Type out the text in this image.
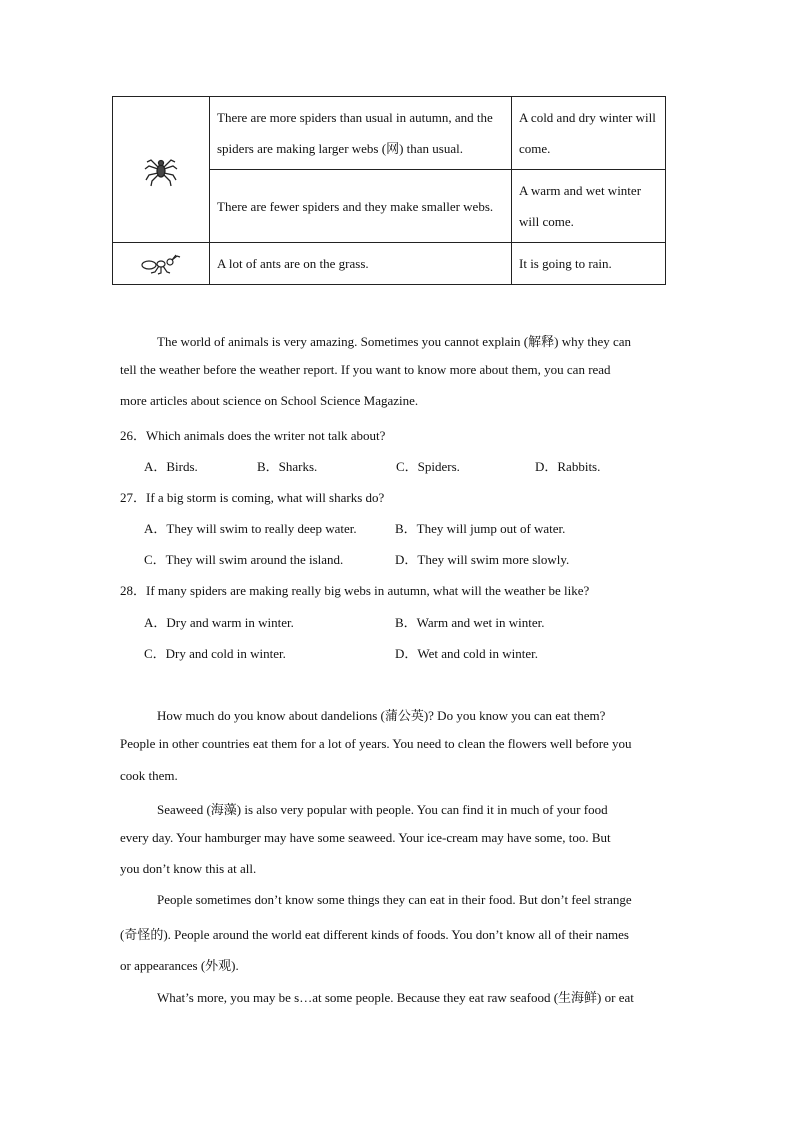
	There are more spiders than usual in autumn, and the spiders are making larger webs (网) than usual.	A cold and dry winter will come.
	There are fewer spiders and they make smaller webs.	A warm and wet winter will come.

	A lot of ants are on the grass.	It is going to rain.
The world of animals is very amazing. Sometimes you cannot explain (解释) why they can
tell the weather before the weather report. If you want to know more about them, you can read
more articles about science on School Science Magazine.
26．Which animals does the writer not talk about?
A．Birds.	B．Sharks.	C．Spiders.	D．Rabbits.
27．If a big storm is coming, what will sharks do?
A．They will swim to really deep water.	B．They will jump out of water.
C．They will swim around the island.	D．They will swim more slowly.
28．If many spiders are making really big webs in autumn, what will the weather be like?
A．Dry and warm in winter.	B．Warm and wet in winter.
C．Dry and cold in winter.	D．Wet and cold in winter.
How much do you know about dandelions (蒲公英)? Do you know you can eat them?
People in other countries eat them for a lot of years. You need to clean the flowers well before you
cook them.
Seaweed (海藻) is also very popular with people. You can find it in much of your food
every day. Your hamburger may have some seaweed. Your ice-cream may have some, too. But
you don’t know this at all.
People sometimes don’t know some things they can eat in their food. But don’t feel strange
(奇怪的). People around the world eat different kinds of foods. You don’t know all of their names
or appearances (外观).
What’s more, you may be s…at some people. Because they eat raw seafood (生海鲜) or eat
